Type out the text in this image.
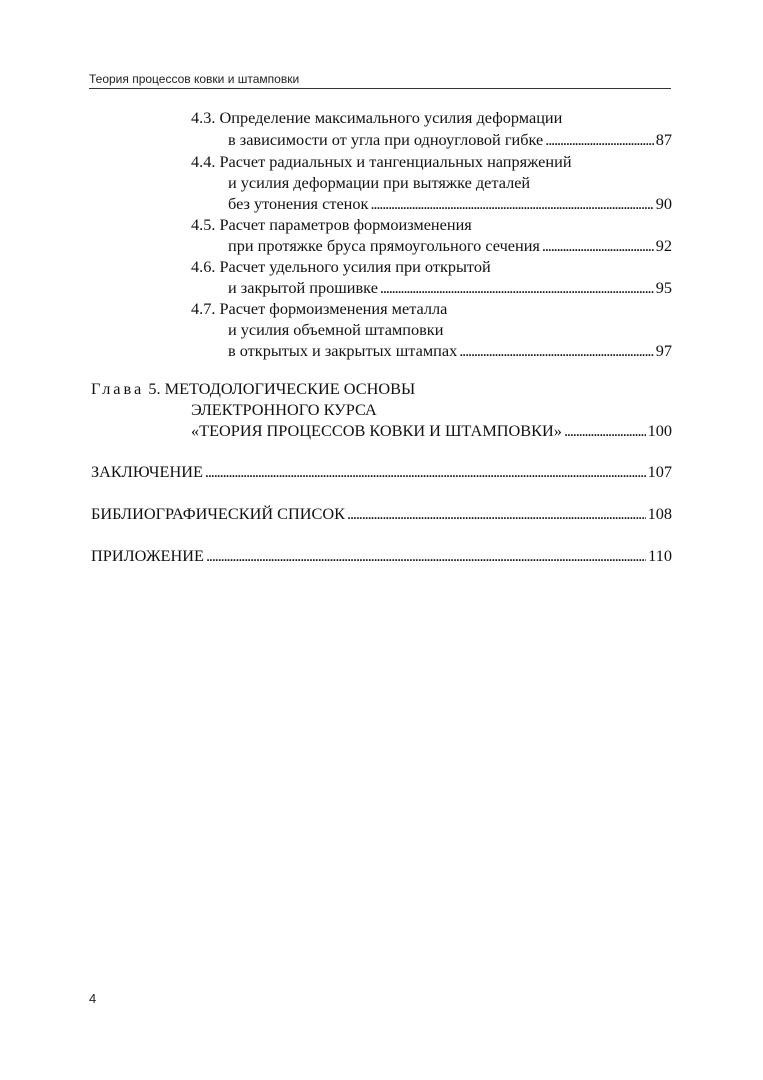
Теория процессов ковки и штамповки
4.3. Определение максимального усилия деформации
в зависимости от угла при одноугловой гибке . . .	87
4.4. Расчет радиальных и тангенциальных напряжений
и усилия деформации при вытяжке деталей
без утонения стенок . . .	90
4.5. Расчет параметров формоизменения
при протяжке бруса прямоугольного сечения . . .	92
4.6. Расчет удельного усилия при открытой
и закрытой прошивке . . .	95
4.7. Расчет формоизменения металла
и усилия объемной штамповки
в открытых и закрытых штампах . . .	97
Глава 5. МЕТОДОЛОГИЧЕСКИЕ ОСНОВЫ
ЭЛЕКТРОННОГО КУРСА
«ТЕОРИЯ ПРОЦЕССОВ КОВКИ И ШТАМПОВКИ» . . .	100
ЗАКЛЮЧЕНИЕ . . .	107
БИБЛИОГРАФИЧЕСКИЙ СПИСОК . . .	108
ПРИЛОЖЕНИЕ . . .	110
4
